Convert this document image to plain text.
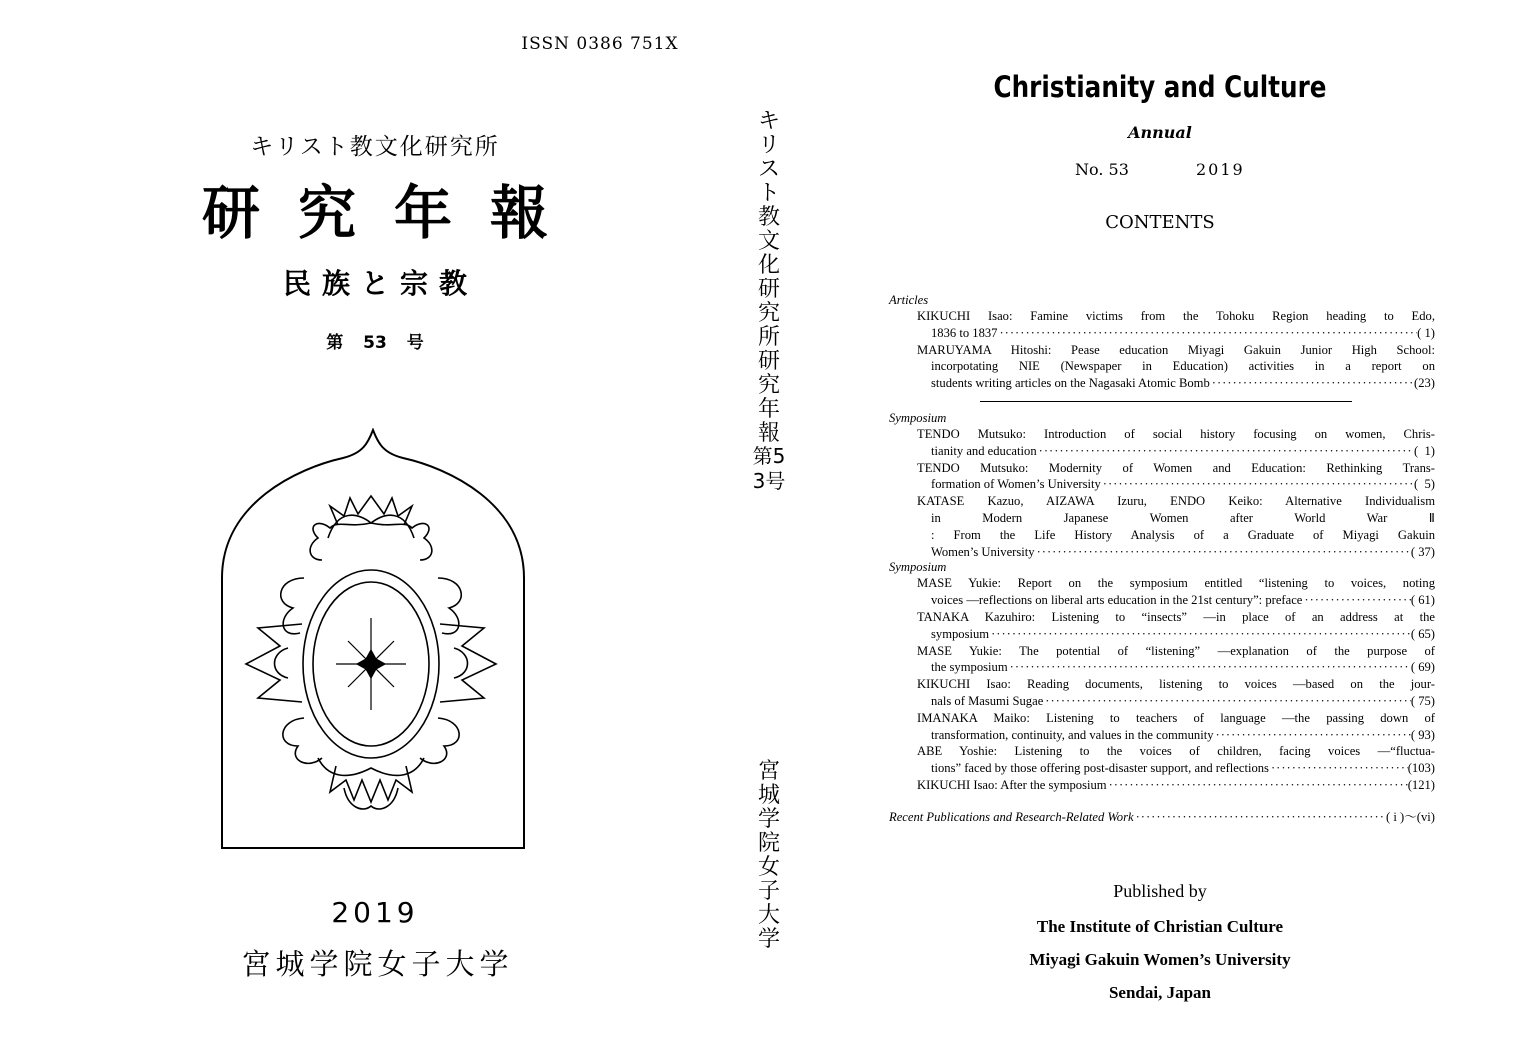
ISSN 0386 751X
キリスト教文化研究所
研究年報
民族と宗教
第 53 号
2019
宮城学院女子大学
キリスト教文化研究所研究年報
第53号
宮城学院女子大学
Christianity and Culture
Annual
No. 53	2019
CONTENTS
Articles
KIKUCHI Isao: Famine victims from the Tohoku Region heading to Edo,
1836 to 1837 ·····	( 1)
MARUYAMA Hitoshi: Pease education Miyagi Gakuin Junior High School:
incorpotating NIE (Newspaper in Education) activities in a report on
students writing articles on the Nagasaki Atomic Bomb ·····	(23)
Symposium
TENDO Mutsuko: Introduction of social history focusing on women, Chris-
tianity and education ·····	(  1)
TENDO Mutsuko: Modernity of Women and Education: Rethinking Trans-
formation of Women’s University ·····	(  5)
KATASE Kazuo, AIZAWA Izuru, ENDO Keiko: Alternative Individualism
in Modern Japanese Women after World War Ⅱ
: From the Life History Analysis of a Graduate of Miyagi Gakuin
Women’s University ·····	( 37)
Symposium
MASE Yukie: Report on the symposium entitled “listening to voices, noting
voices —reflections on liberal arts education in the 21st century”: preface ·····	( 61)
TANAKA Kazuhiro: Listening to “insects” —in place of an address at the
symposium ·····	( 65)
MASE Yukie: The potential of “listening” —explanation of the purpose of
the symposium ·····	( 69)
KIKUCHI Isao: Reading documents, listening to voices —based on the jour-
nals of Masumi Sugae ·····	( 75)
IMANAKA Maiko: Listening to teachers of language —the passing down of
transformation, continuity, and values in the community ·····	( 93)
ABE Yoshie: Listening to the voices of children, facing voices —“fluctua-
tions” faced by those offering post-disaster support, and reflections ·····	(103)
KIKUCHI Isao: After the symposium ·····	(121)
Recent Publications and Research-Related Work ·····	( i )～(vi)
Published by
The Institute of Christian Culture
Miyagi Gakuin Women’s University
Sendai, Japan
